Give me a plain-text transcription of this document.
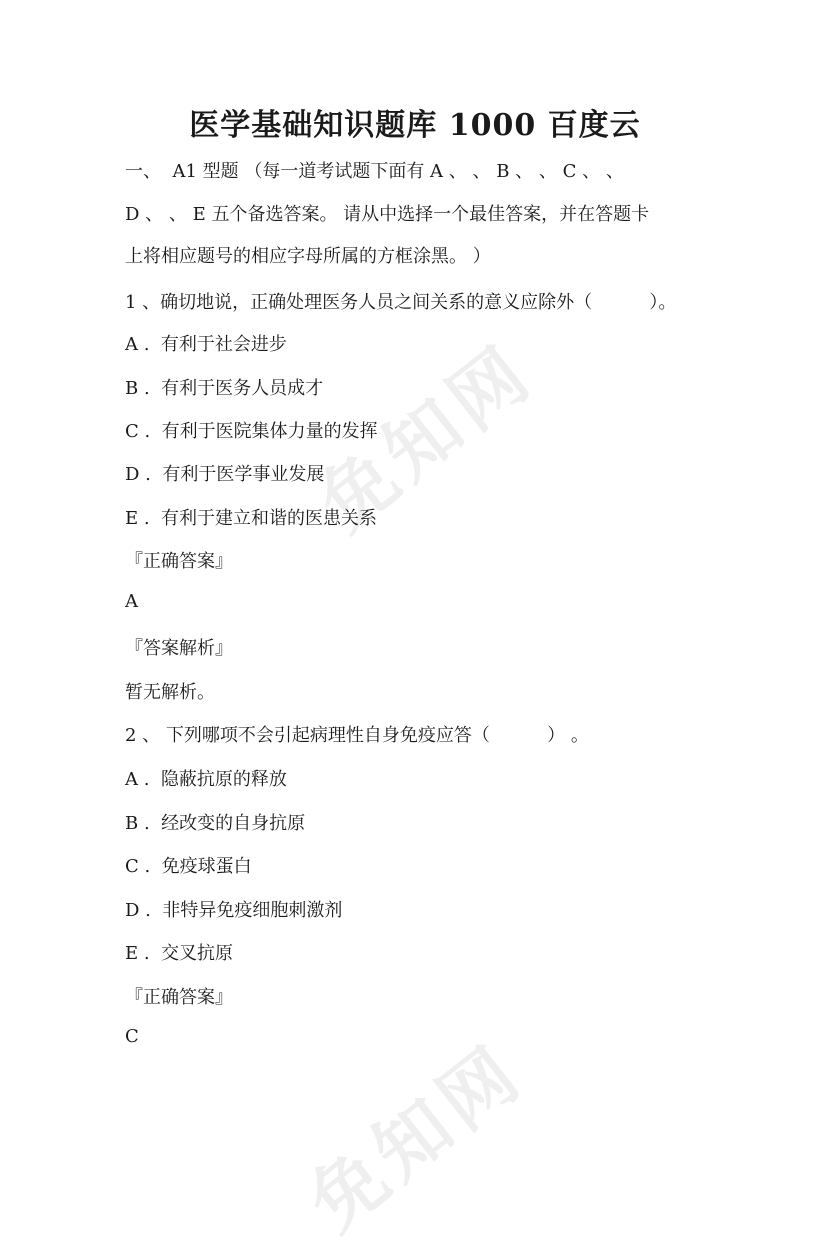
免知网
免知网
医学基础知识题库 1000 百度云
一、  A1 型题 （每一道考试题下面有 A 、 、 B 、 、 C 、 、
D 、 、 E 五个备选答案。 请从中选择一个最佳答案，并在答题卡
上将相应题号的相应字母所属的方框涂黑。 ）
1 、确切地说，正确处理医务人员之间关系的意义应除外（          ）。
A .  有利于社会进步
B .  有利于医务人员成才
C .  有利于医院集体力量的发挥
D .  有利于医学事业发展
E .  有利于建立和谐的医患关系
『正确答案』
A
『答案解析』
暂无解析。
2 、 下列哪项不会引起病理性自身免疫应答（          ） 。
A .  隐蔽抗原的释放
B .  经改变的自身抗原
C .  免疫球蛋白
D .  非特异免疫细胞刺激剂
E .  交叉抗原
『正确答案』
C
